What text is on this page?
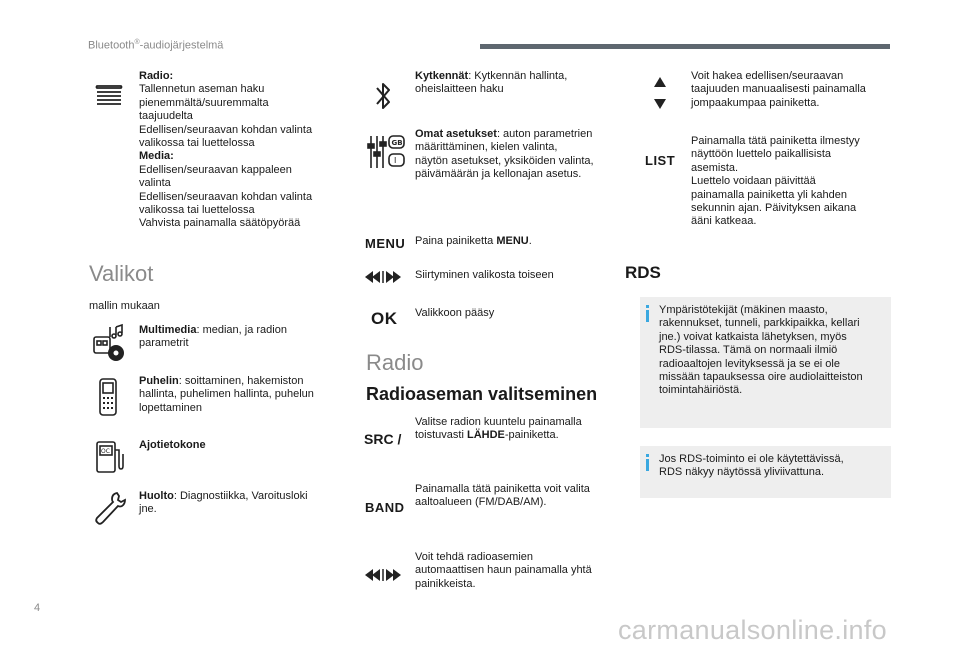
Bluetooth®-audiojärjestelmä
Radio:
Tallennetun aseman haku
pienemmältä/suuremmalta
taajuudelta
Edellisen/seuraavan kohdan valinta
valikossa tai luettelossa
Media:
Edellisen/seuraavan kappaleen
valinta
Edellisen/seuraavan kohdan valinta
valikossa tai luettelossa
Vahvista painamalla säätöpyörää
Valikot
mallin mukaan
Multimedia: median, ja radion
parametrit
Puhelin: soittaminen, hakemiston
hallinta, puhelimen hallinta, puhelun
lopettaminen
OC
Ajotietokone
Huolto: Diagnostiikka, Varoitusloki
jne.
Kytkennät: Kytkennän hallinta,
oheislaitteen haku
GB
I
Omat asetukset: auton parametrien
määrittäminen, kielen valinta,
näytön asetukset, yksiköiden valinta,
päivämäärän ja kellonajan asetus.
MENU Paina painiketta MENU.
Siirtyminen valikosta toiseen
OK Valikkoon pääsy
Radio
Radioaseman valitseminen
SRC /
Valitse radion kuuntelu painamalla
toistuvasti LÄHDE-painiketta.
BAND
Painamalla tätä painiketta voit valita
aaltoalueen (FM/DAB/AM).
Voit tehdä radioasemien
automaattisen haun painamalla yhtä
painikkeista.
Voit hakea edellisen/seuraavan
taajuuden manuaalisesti painamalla
jompaakumpaa painiketta.
LIST
Painamalla tätä painiketta ilmestyy
näyttöön luettelo paikallisista
asemista.
Luettelo voidaan päivittää
painamalla painiketta yli kahden
sekunnin ajan. Päivityksen aikana
ääni katkeaa.
RDS
Ympäristötekijät (mäkinen maasto,
rakennukset, tunneli, parkkipaikka, kellari
jne.) voivat katkaista lähetyksen, myös
RDS-tilassa. Tämä on normaali ilmiö
radioaaltojen levityksessä ja se ei ole
missään tapauksessa oire audiolaitteiston
toimintahäiriöstä.
Jos RDS-toiminto ei ole käytettävissä,
RDS näkyy näytössä yliviivattuna.
4
carmanualsonline.info
